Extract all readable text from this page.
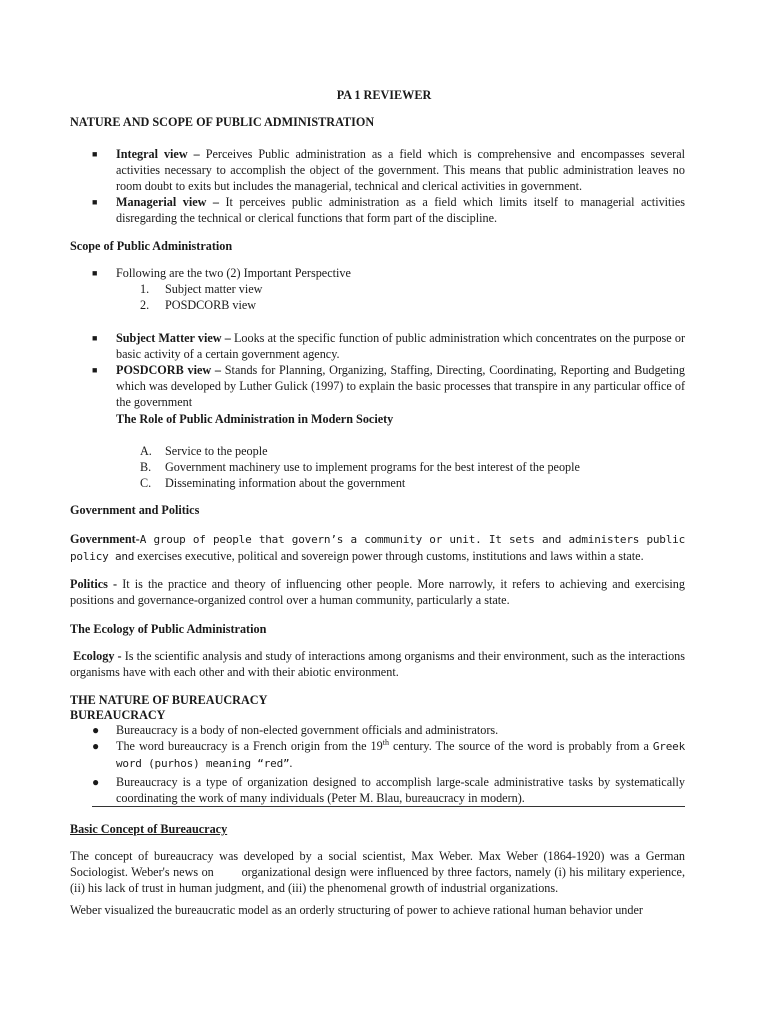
PA 1 REVIEWER
NATURE AND SCOPE OF PUBLIC ADMINISTRATION
■ Integral view – Perceives Public administration as a field which is comprehensive and encompasses several activities necessary to accomplish the object of the government. This means that public administration leaves no room doubt to exits but includes the managerial, technical and clerical activities in government.
■ Managerial view – It perceives public administration as a field which limits itself to managerial activities disregarding the technical or clerical functions that form part of the discipline.
Scope of Public Administration
■ Following are the two (2) Important Perspective
1. Subject matter view
2. POSDCORB view
■ Subject Matter view – Looks at the specific function of public administration which concentrates on the purpose or basic activity of a certain government agency.
■ POSDCORB view – Stands for Planning, Organizing, Staffing, Directing, Coordinating, Reporting and Budgeting which was developed by Luther Gulick (1997) to explain the basic processes that transpire in any particular office of the government
The Role of Public Administration in Modern Society
A. Service to the people
B. Government machinery use to implement programs for the best interest of the people
C. Disseminating information about the government
Government and Politics
Government-A group of people that govern’s a community or unit. It sets and administers public policy and exercises executive, political and sovereign power through customs, institutions and laws within a state.
Politics - It is the practice and theory of influencing other people. More narrowly, it refers to achieving and exercising positions and governance-organized control over a human community, particularly a state.
The Ecology of Public Administration
Ecology - Is the scientific analysis and study of interactions among organisms and their environment, such as the interactions organisms have with each other and with their abiotic environment.
THE NATURE OF BUREAUCRACY
BUREAUCRACY
● Bureaucracy is a body of non-elected government officials and administrators.
● The word bureaucracy is a French origin from the 19th century. The source of the word is probably from a Greek word (purhos) meaning “red”.
● Bureaucracy is a type of organization designed to accomplish large-scale administrative tasks by systematically coordinating the work of many individuals (Peter M. Blau, bureaucracy in modern).
Basic Concept of Bureaucracy
The concept of bureaucracy was developed by a social scientist, Max Weber. Max Weber (1864-1920) was a German Sociologist. Weber's news on        organizational design were influenced by three factors, namely (i) his military experience, (ii) his lack of trust in human judgment, and (iii) the phenomenal growth of industrial organizations.
Weber visualized the bureaucratic model as an orderly structuring of power to achieve rational human behavior under
